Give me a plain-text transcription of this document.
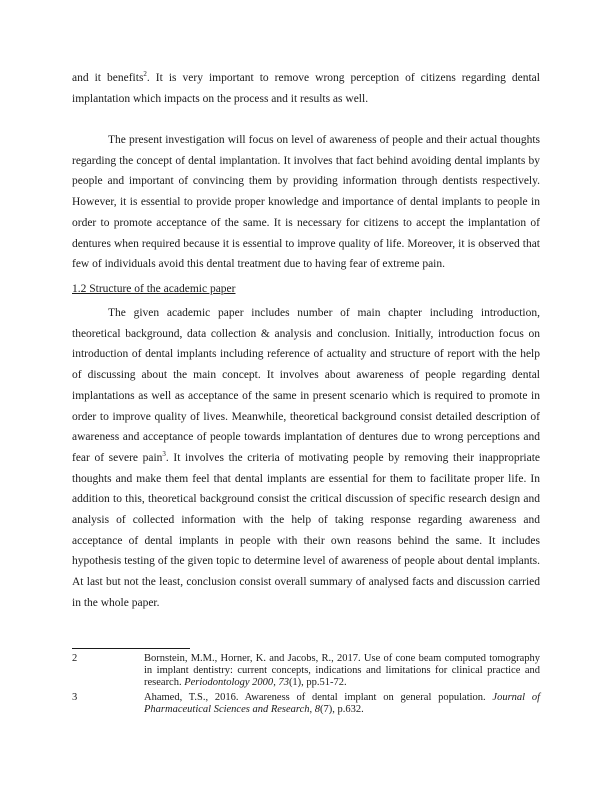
and it benefits$^2$. It is very important to remove wrong perception of citizens regarding dental implantation which impacts on the process and it results as well.

The present investigation will focus on level of awareness of people and their actual thoughts regarding the concept of dental implantation. It involves that fact behind avoiding dental implants by people and important of convincing them by providing information through dentists respectively. However, it is essential to provide proper knowledge and importance of dental implants to people in order to promote acceptance of the same. It is necessary for citizens to accept the implantation of dentures when required because it is essential to improve quality of life. Moreover, it is observed that few of individuals avoid this dental treatment due to having fear of extreme pain.

1.2 Structure of the academic paper

The given academic paper includes number of main chapter including introduction, theoretical background, data collection & analysis and conclusion. Initially, introduction focus on introduction of dental implants including reference of actuality and structure of report with the help of discussing about the main concept. It involves about awareness of people regarding dental implantations as well as acceptance of the same in present scenario which is required to promote in order to improve quality of lives. Meanwhile, theoretical background consist detailed description of awareness and acceptance of people towards implantation of dentures due to wrong perceptions and fear of severe pain$^3$. It involves the criteria of motivating people by removing their inappropriate thoughts and make them feel that dental implants are essential for them to facilitate proper life. In addition to this, theoretical background consist the critical discussion of specific research design and analysis of collected information with the help of taking response regarding awareness and acceptance of dental implants in people with their own reasons behind the same. It includes hypothesis testing of the given topic to determine level of awareness of people about dental implants. At last but not the least, conclusion consist overall summary of analysed facts and discussion carried in the whole paper.

2	Bornstein, M.M., Horner, K. and Jacobs, R., 2017. Use of cone beam computed tomography in implant dentistry: current concepts, indications and limitations for clinical practice and research. Periodontology 2000, 73(1), pp.51-72.
3	Ahamed, T.S., 2016. Awareness of dental implant on general population. Journal of Pharmaceutical Sciences and Research, 8(7), p.632.
